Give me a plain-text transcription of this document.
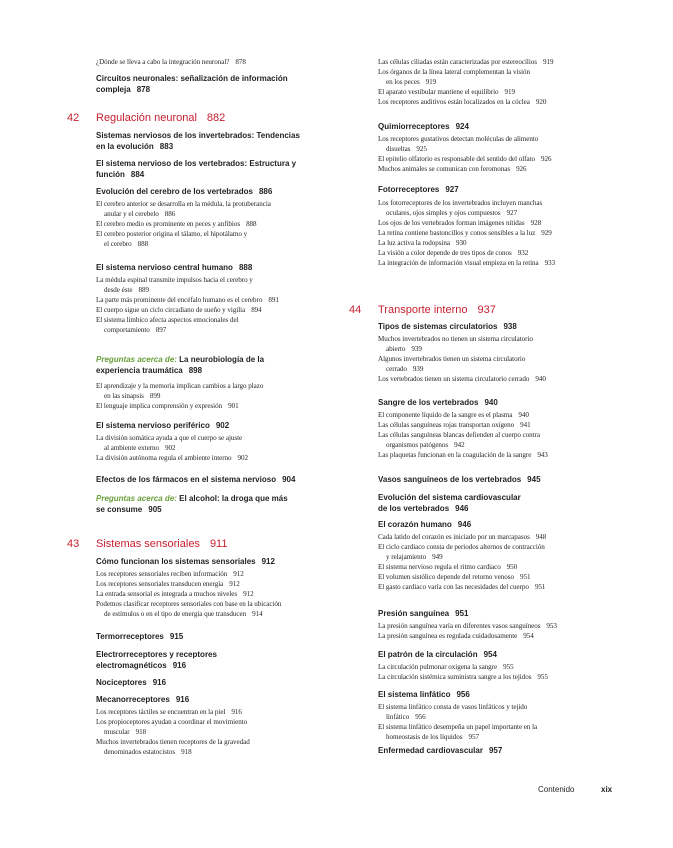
¿Dónde se lleva a cabo la integración neuronal? 878
Circuitos neuronales: señalización de información
compleja 878
42 Regulación neuronal 882
Sistemas nerviosos de los invertebrados: Tendencias
en la evolución 883
El sistema nervioso de los vertebrados: Estructura y
función 884
Evolución del cerebro de los vertebrados 886
El cerebro anterior se desarrolla en la médula, la protuberancia
anular y el cerebelo 886
El cerebro medio es prominente en peces y anfibios 888
El cerebro posterior origina el tálamo, el hipotálamo y
el cerebro 888
El sistema nervioso central humano 888
La médula espinal transmite impulsos hacia el cerebro y
desde éste 889
La parte más prominente del encéfalo humano es el cerebro 891
El cuerpo sigue un ciclo circadiano de sueño y vigilia 894
El sistema límbico afecta aspectos emocionales del
comportamiento 897
Preguntas acerca de: La neurobiología de la
experiencia traumática 898
El aprendizaje y la memoria implican cambios a largo plazo
en las sinapsis 899
El lenguaje implica comprensión y expresión 901
El sistema nervioso periférico 902
La división somática ayuda a que el cuerpo se ajuste
al ambiente externo 902
La división autónoma regula el ambiente interno 902
Efectos de los fármacos en el sistema nervioso 904
Preguntas acerca de: El alcohol: la droga que más
se consume 905
43 Sistemas sensoriales 911
Cómo funcionan los sistemas sensoriales 912
Los receptores sensoriales reciben información 912
Los receptores sensoriales transducen energía 912
La entrada sensorial es integrada a muchos niveles 912
Podemos clasificar receptores sensoriales con base en la ubicación
de estímulos o en el tipo de energía que transducen 914
Termorreceptores 915
Electrorreceptores y receptores
electromagnéticos 916
Nociceptores 916
Mecanorreceptores 916
Los receptores táctiles se encuentran en la piel 916
Los propioceptores ayudan a coordinar el movimiento
muscular 918
Muchos invertebrados tienen receptores de la gravedad
denominados estatocistos 918
Las células ciliadas están caracterizadas por estereocilios 919
Los órganos de la línea lateral complementan la visión
en los peces 919
El aparato vestibular mantiene el equilibrio 919
Los receptores auditivos están localizados en la cóclea 920
Quimiorreceptores 924
Los receptores gustativos detectan moléculas de alimento
disueltas 925
El epitelio olfatorio es responsable del sentido del olfato 926
Muchos animales se comunican con feromonas 926
Fotorreceptores 927
Los fotorreceptores de los invertebrados incluyen manchas
oculares, ojos simples y ojos compuestos 927
Los ojos de los vertebrados forman imágenes nítidas 928
La retina contiene bastoncillos y conos sensibles a la luz 929
La luz activa la rodopsina 930
La visión a color depende de tres tipos de conos 932
La integración de información visual empieza en la retina 933
44 Transporte interno 937
Tipos de sistemas circulatorios 938
Muchos invertebrados no tienen un sistema circulatorio
abierto 939
Algunos invertebrados tienen un sistema circulatorio
cerrado 939
Los vertebrados tienen un sistema circulatorio cerrado 940
Sangre de los vertebrados 940
El componente líquido de la sangre es el plasma 940
Las células sanguíneas rojas transportan oxígeno 941
Las células sanguíneas blancas defienden al cuerpo contra
organismos patógenos 942
Las plaquetas funcionan en la coagulación de la sangre 943
Vasos sanguíneos de los vertebrados 945
Evolución del sistema cardiovascular
de los vertebrados 946
El corazón humano 946
Cada latido del corazón es iniciado por un marcapasos 948
El ciclo cardiaco consta de periodos alternos de contracción
y relajamiento 949
El sistema nervioso regula el ritmo cardiaco 950
El volumen sistólico depende del retorno venoso 951
El gasto cardiaco varía con las necesidades del cuerpo 951
Presión sanguínea 951
La presión sanguínea varía en diferentes vasos sanguíneos 953
La presión sanguínea es regulada cuidadosamente 954
El patrón de la circulación 954
La circulación pulmonar oxigena la sangre 955
La circulación sistémica suministra sangre a los tejidos 955
El sistema linfático 956
El sistema linfático consta de vasos linfáticos y tejido
linfático 956
El sistema linfático desempeña un papel importante en la
homeostasis de los líquidos 957
Enfermedad cardiovascular 957
Contenido	xix
